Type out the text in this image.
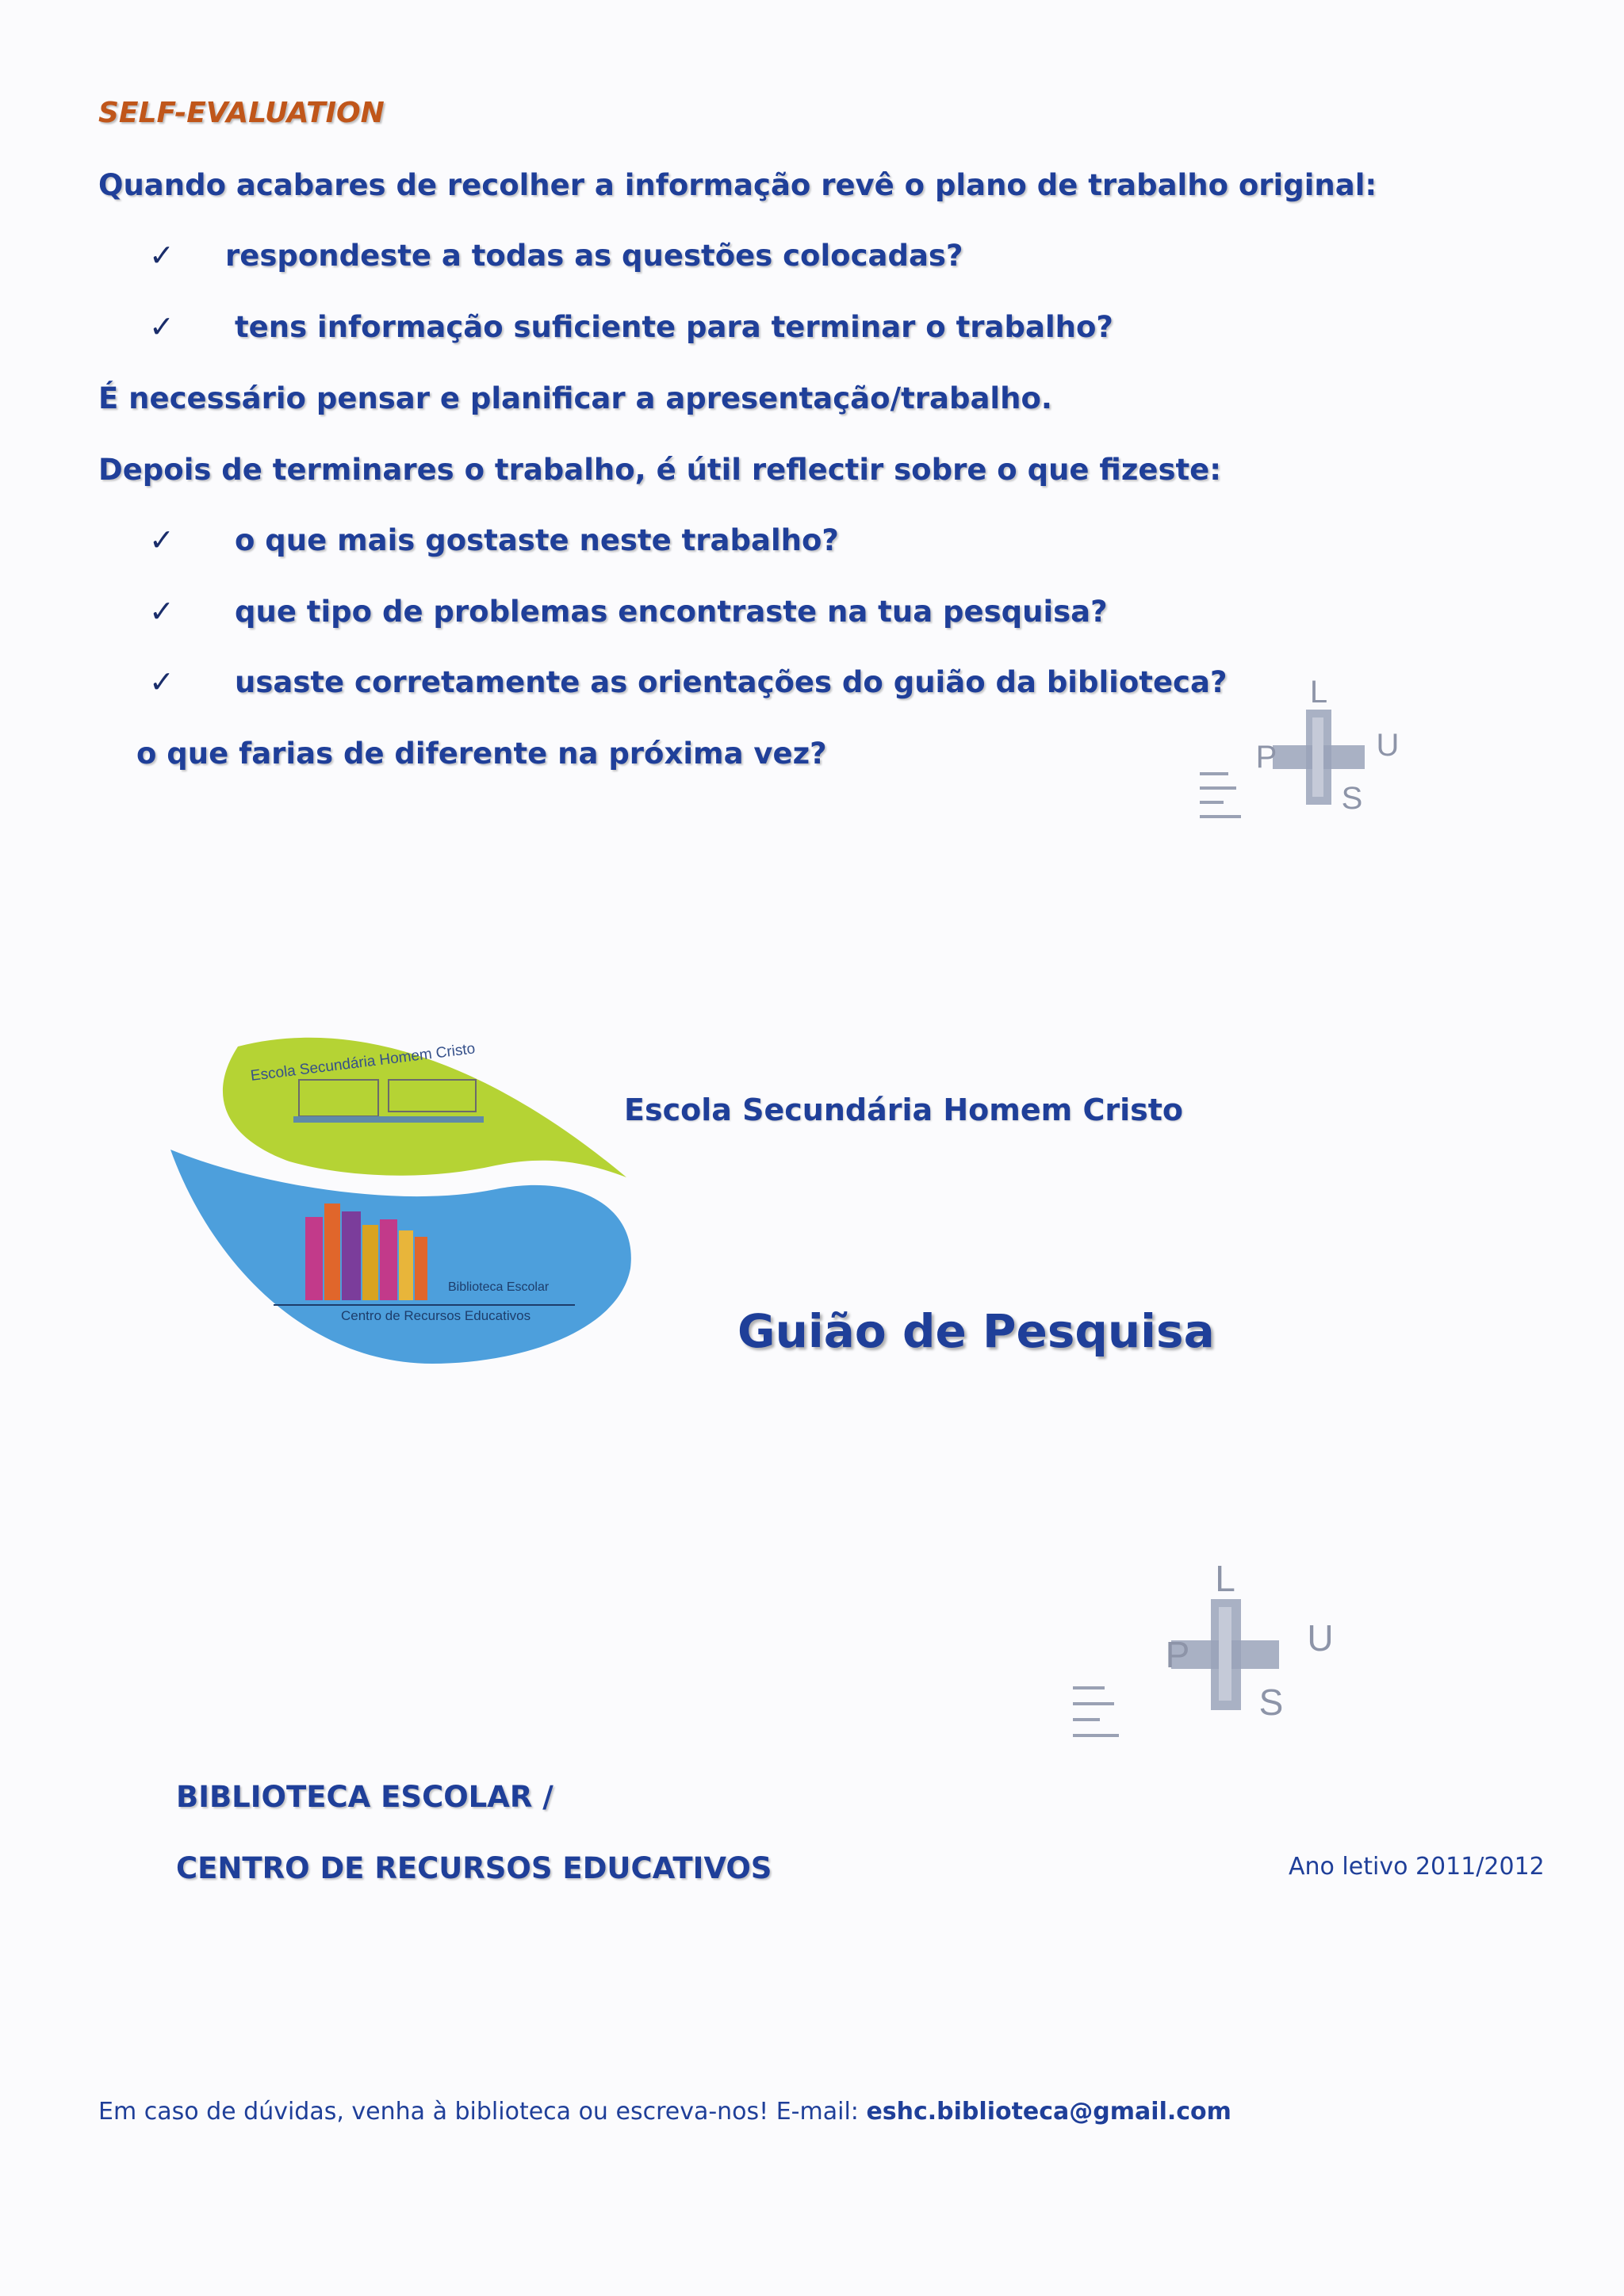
SELF-EVALUATION
Quando acabares de recolher a informação revê o plano de trabalho original:
✓ respondeste a todas as questões colocadas?
✓ tens informação suficiente para terminar o trabalho?
É necessário pensar e planificar a apresentação/trabalho.
Depois de terminares o trabalho, é útil reflectir sobre o que fizeste:
✓ o que mais gostaste neste trabalho?
✓ que tipo de problemas encontraste na tua pesquisa?
✓ usaste corretamente as orientações do guião da biblioteca?
o que farias de diferente na próxima vez?
L
P	U
S
Escola Secundária Homem Cristo
Biblioteca Escolar
Centro de Recursos Educativos
Escola Secundária Homem Cristo
Guião de Pesquisa
L
P	U
S
BIBLIOTECA ESCOLAR /
CENTRO DE RECURSOS EDUCATIVOS	Ano letivo 2011/2012
Em caso de dúvidas, venha à biblioteca ou escreva-nos! E-mail: eshc.biblioteca@gmail.com
